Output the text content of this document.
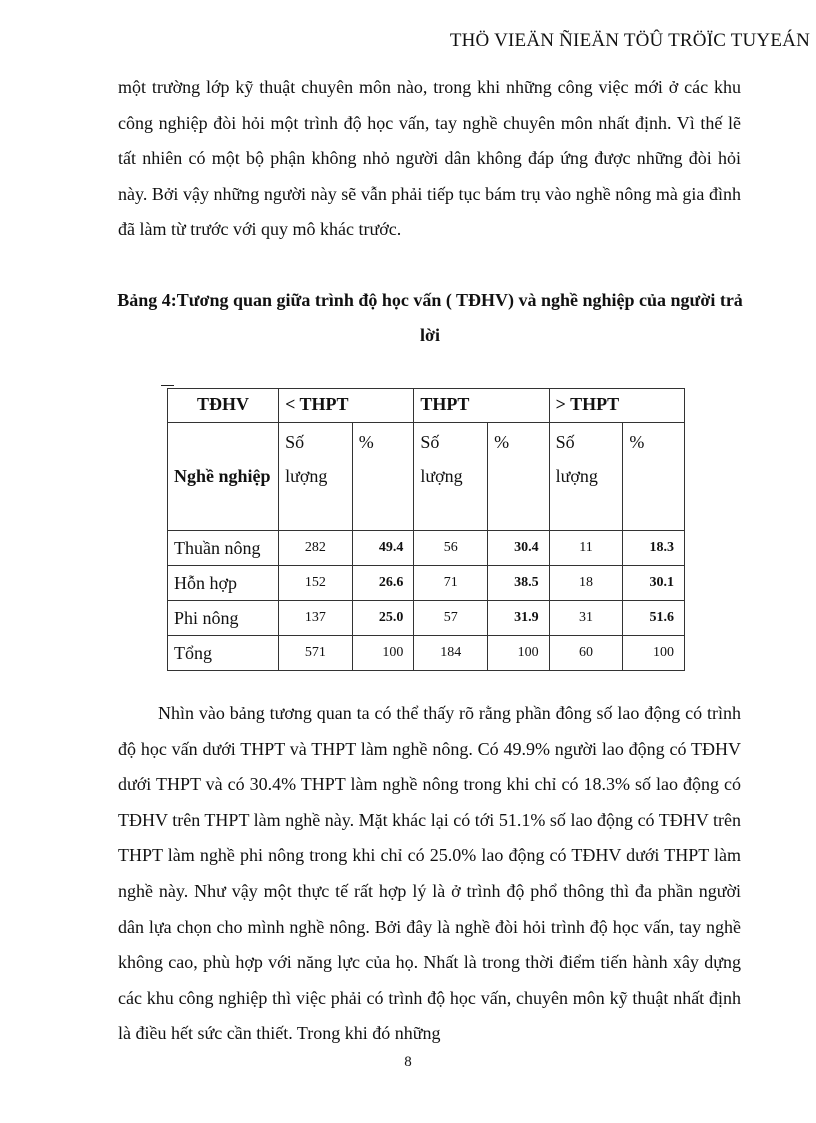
THÖ VIEÄN ÑIEÄN TÖÛ TRÖÏC TUYEÁN

một trường lớp kỹ thuật chuyên môn nào, trong khi những công việc mới ở các khu công nghiệp đòi hỏi một trình độ học vấn, tay nghề chuyên môn nhất định. Vì thế lẽ tất nhiên có một bộ phận không nhỏ người dân không đáp ứng được những đòi hỏi này. Bởi vậy những người này sẽ vẫn phải tiếp tục bám trụ vào nghề nông mà gia đình đã làm từ trước với quy mô khác trước.

Bảng 4:Tương quan giữa trình độ học vấn ( TĐHV) và nghề nghiệp của người trả lời

TĐHV	< THPT		THPT		> THPT	

Nghề nghiệp	Số lượng	%	Số lượng	%	Số lượng	%
Thuần nông	282	49.4	56	30.4	11	18.3
Hỗn hợp	152	26.6	71	38.5	18	30.1
Phi nông	137	25.0	57	31.9	31	51.6
Tổng	571	100	184	100	60	100

Nhìn vào bảng tương quan ta có thể thấy rõ rằng phần đông số lao động có trình độ học vấn dưới THPT và THPT làm nghề nông. Có 49.9% người lao động có TĐHV dưới THPT và có 30.4% THPT làm nghề nông trong khi chỉ có 18.3% số lao động có TĐHV trên THPT làm nghề này. Mặt khác lại có tới 51.1% số lao động có TĐHV trên THPT làm nghề phi nông trong khi chỉ có 25.0% lao động có TĐHV dưới THPT làm nghề này. Như vậy một thực tế rất hợp lý là ở trình độ phổ thông thì đa phần người dân lựa chọn cho mình nghề nông. Bởi đây là nghề đòi hỏi trình độ học vấn, tay nghề không cao, phù hợp với năng lực của họ. Nhất là trong thời điểm tiến hành xây dựng các khu công nghiệp thì việc phải có trình độ học vấn, chuyên môn kỹ thuật nhất định là điều hết sức cần thiết. Trong khi đó những

8
